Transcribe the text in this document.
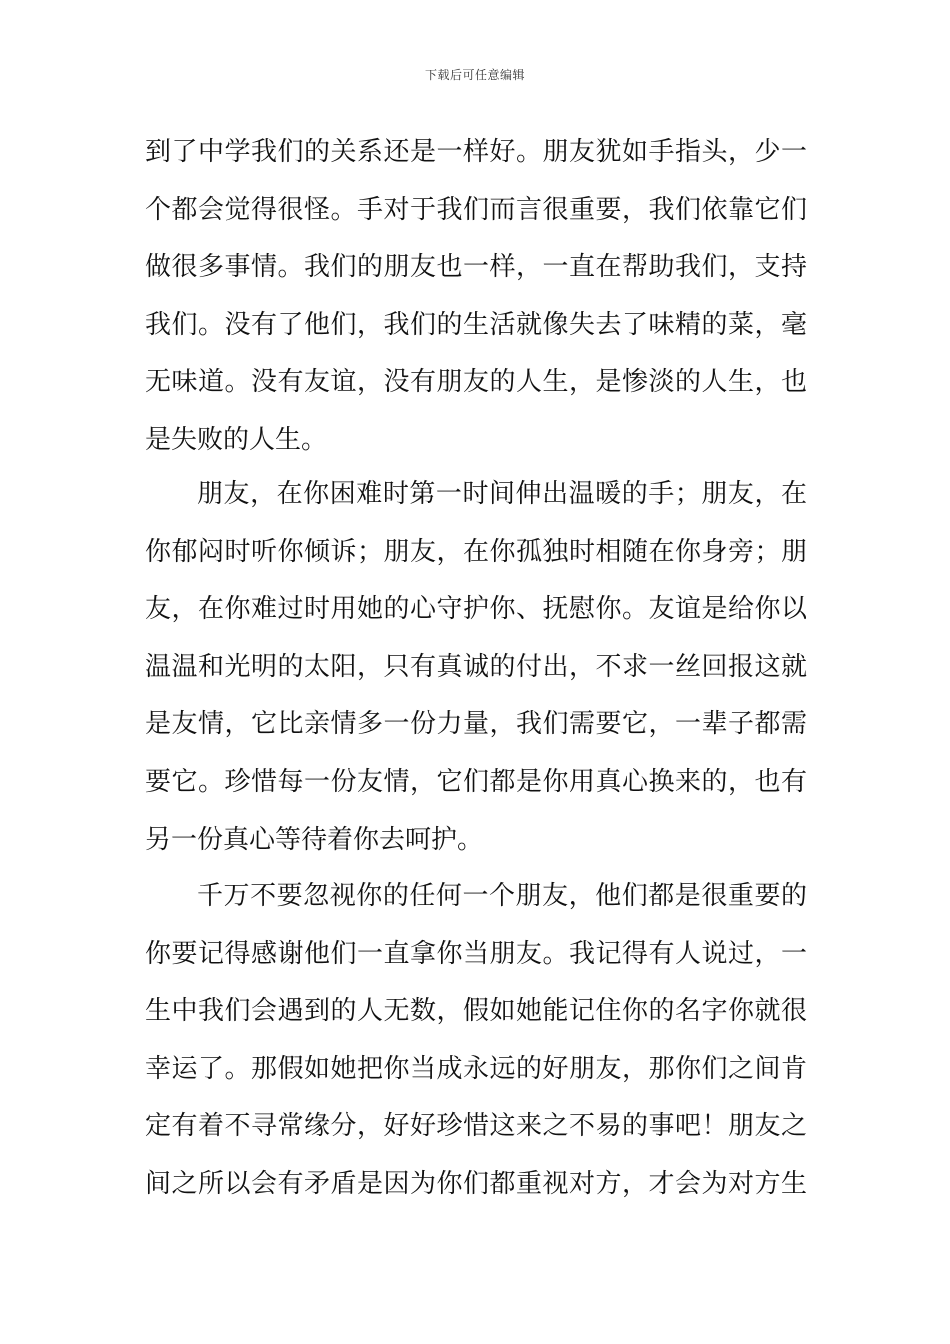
下载后可任意编辑
到了中学我们的关系还是一样好。朋友犹如手指头，少一
个都会觉得很怪。手对于我们而言很重要，我们依靠它们
做很多事情。我们的朋友也一样，一直在帮助我们，支持
我们。没有了他们，我们的生活就像失去了味精的菜，毫
无味道。没有友谊，没有朋友的人生，是惨淡的人生，也
是失败的人生。
朋友，在你困难时第一时间伸出温暖的手；朋友，在
你郁闷时听你倾诉；朋友，在你孤独时相随在你身旁；朋
友，在你难过时用她的心守护你、抚慰你。友谊是给你以
温温和光明的太阳，只有真诚的付出，不求一丝回报这就
是友情，它比亲情多一份力量，我们需要它，一辈子都需
要它。珍惜每一份友情，它们都是你用真心换来的，也有
另一份真心等待着你去呵护。
千万不要忽视你的任何一个朋友，他们都是很重要的
你要记得感谢他们一直拿你当朋友。我记得有人说过，一
生中我们会遇到的人无数，假如她能记住你的名字你就很
幸运了。那假如她把你当成永远的好朋友，那你们之间肯
定有着不寻常缘分，好好珍惜这来之不易的事吧！朋友之
间之所以会有矛盾是因为你们都重视对方，才会为对方生
